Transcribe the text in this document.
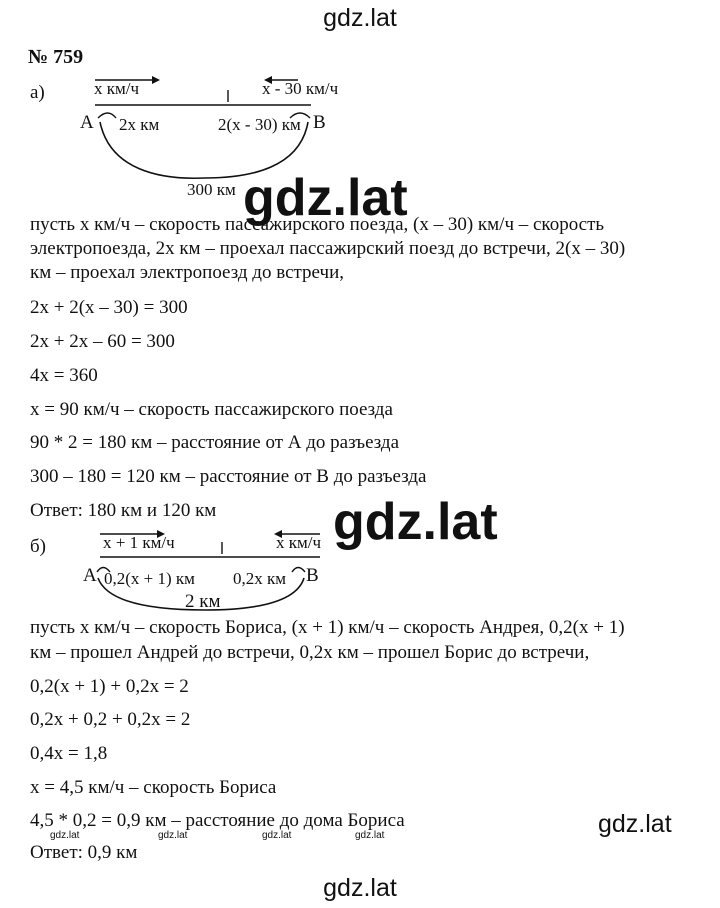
gdz.lat
gdz.lat
№ 759
а)	x км/ч	x - 30 км/ч
A	B
2x км	2(x - 30) км
300 км gdz.lat
пусть х км/ч – скорость пассажирского поезда, (х – 30) км/ч – скорость
электропоезда, 2х км – проехал пассажирский поезд до встречи, 2(х – 30)
км – проехал электропоезд до встречи,
2х + 2(х – 30) = 300
2х + 2х – 60 = 300
4х = 360
х = 90 км/ч – скорость пассажирского поезда
90 * 2 = 180 км – расстояние от А до разъезда
300 – 180 = 120 км – расстояние от В до разъезда
Ответ: 180 км и 120 км gdz.lat
б)	x + 1 км/ч	x км/ч
A	B
0,2(x + 1) км 0,2x км
2 км
пусть х км/ч – скорость Бориса, (х + 1) км/ч – скорость Андрея, 0,2(х + 1)
км – прошел Андрей до встречи, 0,2х км – прошел Борис до встречи,
0,2(х + 1) + 0,2х = 2
0,2х + 0,2 + 0,2х = 2
0,4х = 1,8
х = 4,5 км/ч – скорость Бориса
4,5 * 0,2 = 0,9 км – расстояние до дома Бориса
Ответ: 0,9 км
gdz.lat	gdz.lat	gdz.lat	gdz.lat	gdz.lat
